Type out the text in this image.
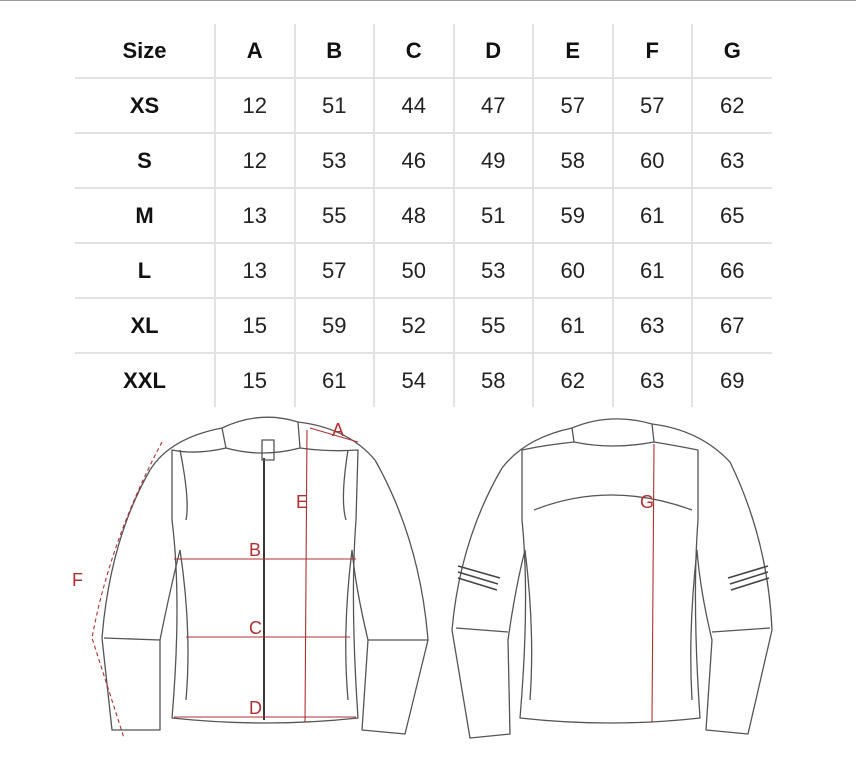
Size	A	B	C	D	E	F	G
XS	12	51	44	47	57	57	62
S	12	53	46	49	58	60	63
M	13	55	48	51	59	61	65
L	13	57	50	53	60	61	66
XL	15	59	52	55	61	63	67
XXL	15	61	54	58	62	63	69
A
B
C
D
E
F
G
